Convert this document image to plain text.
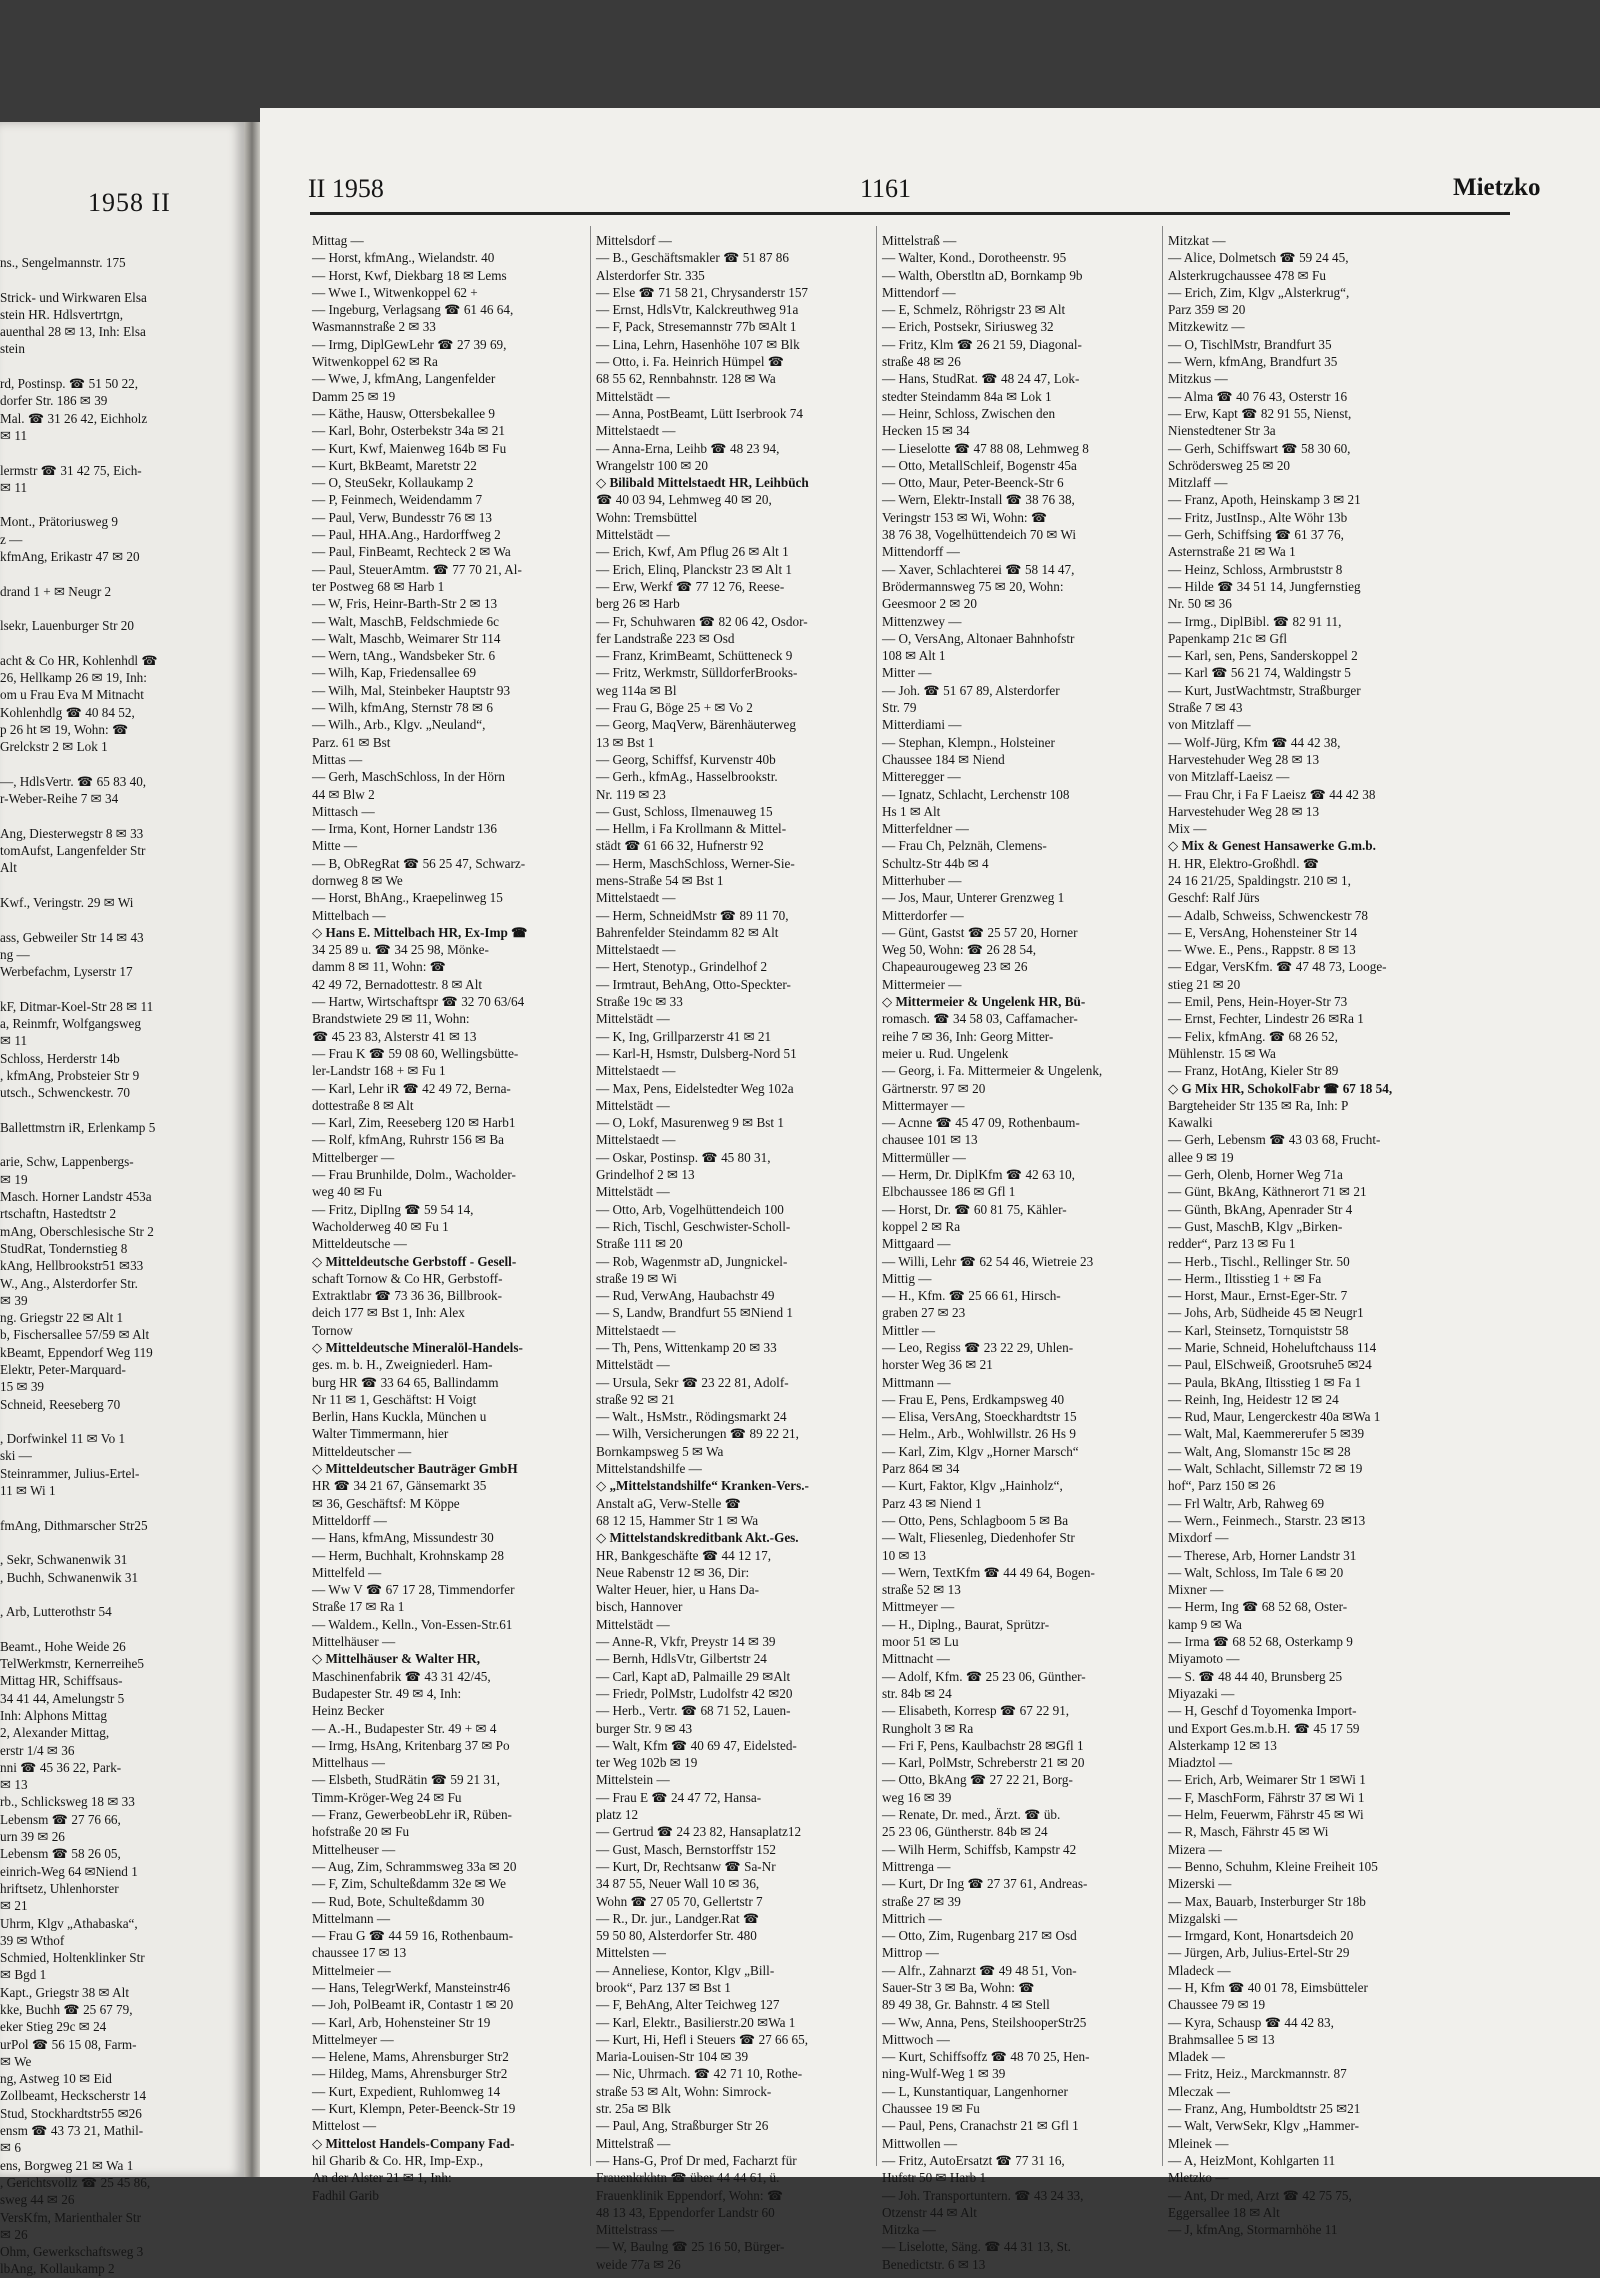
1958 II
ns., Sengelmannstr. 175

Strick- und Wirkwaren Elsa
stein HR. Hdlsvertrtgn,
auenthal 28 ✉ 13, Inh: Elsa
stein

rd, Postinsp. ☎ 51 50 22,
dorfer Str. 186 ✉ 39
Mal. ☎ 31 26 42, Eichholz
✉ 11

lermstr ☎ 31 42 75, Eich-
✉ 11

Mont., Prätoriusweg 9
z —
kfmAng, Erikastr 47 ✉ 20

drand 1 + ✉ Neugr 2

lsekr, Lauenburger Str 20

acht & Co HR, Kohlenhdl ☎
26, Hellkamp 26 ✉ 19, Inh:
om u Frau Eva M Mitnacht
Kohlenhdlg ☎ 40 84 52,
p 26 ht ✉ 19, Wohn: ☎
Grelckstr 2 ✉ Lok 1

—, HdlsVertr. ☎ 65 83 40,
r-Weber-Reihe 7 ✉ 34

Ang, Diesterwegstr 8 ✉ 33
tomAufst, Langenfelder Str
Alt

Kwf., Veringstr. 29 ✉ Wi

ass, Gebweiler Str 14 ✉ 43
ng —
Werbefachm, Lyserstr 17

kF, Ditmar-Koel-Str 28 ✉ 11
a, Reinmfr, Wolfgangsweg
✉ 11
Schloss, Herderstr 14b
, kfmAng, Probsteier Str 9
utsch., Schwenckestr. 70

Ballettmstrn iR, Erlenkamp 5

arie, Schw, Lappenbergs-
✉ 19
Masch. Horner Landstr 453a
rtschaftn, Hastedtstr 2
mAng, Oberschlesische Str 2
StudRat, Tondernstieg 8
kAng, Hellbrookstr51 ✉33
W., Ang., Alsterdorfer Str.
✉ 39
ng. Griegstr 22 ✉ Alt 1
b, Fischersallee 57/59 ✉ Alt
kBeamt, Eppendorf Weg 119
Elektr, Peter-Marquard-
15 ✉ 39
Schneid, Reeseberg 70

, Dorfwinkel 11 ✉ Vo 1
ski —
Steinrammer, Julius-Ertel-
11 ✉ Wi 1

fmAng, Dithmarscher Str25

, Sekr, Schwanenwik 31
, Buchh, Schwanenwik 31

, Arb, Lutterothstr 54

Beamt., Hohe Weide 26
TelWerkmstr, Kernerreihe5
Mittag HR, Schiffsaus-
34 41 44, Amelungstr 5
Inh: Alphons Mittag
2, Alexander Mittag,
erstr 1/4 ✉ 36
nni ☎ 45 36 22, Park-
✉ 13
rb., Schlicksweg 18 ✉ 33
Lebensm ☎ 27 76 66,
urn 39 ✉ 26
Lebensm ☎ 58 26 05,
einrich-Weg 64 ✉Niend 1
hriftsetz, Uhlenhorster
✉ 21
Uhrm, Klgv „Athabaska“,
39 ✉ Wthof
Schmied, Holtenklinker Str
✉ Bgd 1
Kapt., Griegstr 38 ✉ Alt
kke, Buchh ☎ 25 67 79,
eker Stieg 29c ✉ 24
urPol ☎ 56 15 08, Farm-
✉ We
ng, Astweg 10 ✉ Eid
Zollbeamt, Heckscherstr 14
Stud, Stockhardtstr55 ✉26
ensm ☎ 43 73 21, Mathil-
✉ 6
ens, Borgweg 21 ✉ Wa 1
, Gerichtsvollz ☎ 25 45 86,
sweg 44 ✉ 26
VersKfm, Marienthaler Str
✉ 26
Ohm, Gewerkschaftsweg 3
lbAng, Kollaukamp 2
II 1958	1161	Mietzko
Mittag —
— Horst, kfmAng., Wielandstr. 40
— Horst, Kwf, Diekbarg 18 ✉ Lems
— Wwe I., Witwenkoppel 62 +
— Ingeburg, Verlagsang ☎ 61 46 64,
Wasmannstraße 2 ✉ 33
— Irmg, DiplGewLehr ☎ 27 39 69,
Witwenkoppel 62 ✉ Ra
— Wwe, J, kfmAng, Langenfelder
Damm 25 ✉ 19
— Käthe, Hausw, Ottersbekallee 9
— Karl, Bohr, Osterbekstr 34a ✉ 21
— Kurt, Kwf, Maienweg 164b ✉ Fu
— Kurt, BkBeamt, Maretstr 22
— O, SteuSekr, Kollaukamp 2
— P, Feinmech, Weidendamm 7
— Paul, Verw, Bundesstr 76 ✉ 13
— Paul, HHA.Ang., Hardorffweg 2
— Paul, FinBeamt, Rechteck 2 ✉ Wa
— Paul, SteuerAmtm. ☎ 77 70 21, Al-
ter Postweg 68 ✉ Harb 1
— W, Fris, Heinr-Barth-Str 2 ✉ 13
— Walt, MaschB, Feldschmiede 6c
— Walt, Maschb, Weimarer Str 114
— Wern, tAng., Wandsbeker Str. 6
— Wilh, Kap, Friedensallee 69
— Wilh, Mal, Steinbeker Hauptstr 93
— Wilh, kfmAng, Sternstr 78 ✉ 6
— Wilh., Arb., Klgv. „Neuland“,
Parz. 61 ✉ Bst
Mittas —
— Gerh, MaschSchloss, In der Hörn
44 ✉ Blw 2
Mittasch —
— Irma, Kont, Horner Landstr 136
Mitte —
— B, ObRegRat ☎ 56 25 47, Schwarz-
dornweg 8 ✉ We
— Horst, BhAng., Kraepelinweg 15
Mittelbach —
◇ Hans E. Mittelbach HR, Ex-Imp ☎
34 25 89 u. ☎ 34 25 98, Mönke-
damm 8 ✉ 11, Wohn: ☎
42 49 72, Bernadottestr. 8 ✉ Alt
— Hartw, Wirtschaftspr ☎ 32 70 63/64
Brandstwiete 29 ✉ 11, Wohn:
☎ 45 23 83, Alsterstr 41 ✉ 13
— Frau K ☎ 59 08 60, Wellingsbütte-
ler-Landstr 168 + ✉ Fu 1
— Karl, Lehr iR ☎ 42 49 72, Berna-
dottestraße 8 ✉ Alt
— Karl, Zim, Reeseberg 120 ✉ Harb1
— Rolf, kfmAng, Ruhrstr 156 ✉ Ba
Mittelberger —
— Frau Brunhilde, Dolm., Wacholder-
weg 40 ✉ Fu
— Fritz, DiplIng ☎ 59 54 14,
Wacholderweg 40 ✉ Fu 1
Mitteldeutsche —
◇ Mitteldeutsche Gerbstoff - Gesell-
schaft Tornow & Co HR, Gerbstoff-
Extraktlabr ☎ 73 36 36, Billbrook-
deich 177 ✉ Bst 1, Inh: Alex
Tornow
◇ Mitteldeutsche Mineralöl-Handels-
ges. m. b. H., Zweigniederl. Ham-
burg HR ☎ 33 64 65, Ballindamm
Nr 11 ✉ 1, Geschäftst: H Voigt
Berlin, Hans Kuckla, München u
Walter Timmermann, hier
Mitteldeutscher —
◇ Mitteldeutscher Bauträger GmbH
HR ☎ 34 21 67, Gänsemarkt 35
✉ 36, Geschäftsf: M Köppe
Mitteldorff —
— Hans, kfmAng, Missundestr 30
— Herm, Buchhalt, Krohnskamp 28
Mittelfeld —
— Ww V ☎ 67 17 28, Timmendorfer
Straße 17 ✉ Ra 1
— Waldem., Kelln., Von-Essen-Str.61
Mittelhäuser —
◇ Mittelhäuser & Walter HR,
Maschinenfabrik ☎ 43 31 42/45,
Budapester Str. 49 ✉ 4, Inh:
Heinz Becker
— A.-H., Budapester Str. 49 + ✉ 4
— Irmg, HsAng, Kritenbarg 37 ✉ Po
Mittelhaus —
— Elsbeth, StudRätin ☎ 59 21 31,
Timm-Kröger-Weg 24 ✉ Fu
— Franz, GewerbeobLehr iR, Rüben-
hofstraße 20 ✉ Fu
Mittelheuser —
— Aug, Zim, Schrammsweg 33a ✉ 20
— F, Zim, Schulteßdamm 32e ✉ We
— Rud, Bote, Schulteßdamm 30
Mittelmann —
— Frau G ☎ 44 59 16, Rothenbaum-
chaussee 17 ✉ 13
Mittelmeier —
— Hans, TelegrWerkf, Mansteinstr46
— Joh, PolBeamt iR, Contastr 1 ✉ 20
— Karl, Arb, Hohensteiner Str 19
Mittelmeyer —
— Helene, Mams, Ahrensburger Str2
— Hildeg, Mams, Ahrensburger Str2
— Kurt, Expedient, Ruhlomweg 14
— Kurt, Klempn, Peter-Beenck-Str 19
Mittelost —
◇ Mittelost Handels-Company Fad-
hil Gharib & Co. HR, Imp-Exp.,
An der Alster 21 ✉ 1, Inh:
Fadhil Garib
Mittelsdorf —
— B., Geschäftsmakler ☎ 51 87 86
Alsterdorfer Str. 335
— Else ☎ 71 58 21, Chrysanderstr 157
— Ernst, HdlsVtr, Kalckreuthweg 91a
— F, Pack, Stresemannstr 77b ✉Alt 1
— Lina, Lehrn, Hasenhöhe 107 ✉ Blk
— Otto, i. Fa. Heinrich Hümpel ☎
68 55 62, Rennbahnstr. 128 ✉ Wa
Mittelstädt —
— Anna, PostBeamt, Lütt Iserbrook 74
Mittelstaedt —
— Anna-Erna, Leihb ☎ 48 23 94,
Wrangelstr 100 ✉ 20
◇ Bilibald Mittelstaedt HR, Leihbüch
☎ 40 03 94, Lehmweg 40 ✉ 20,
Wohn: Tremsbüttel
Mittelstädt —
— Erich, Kwf, Am Pflug 26 ✉ Alt 1
— Erich, Elinq, Planckstr 23 ✉ Alt 1
— Erw, Werkf ☎ 77 12 76, Reese-
berg 26 ✉ Harb
— Fr, Schuhwaren ☎ 82 06 42, Osdor-
fer Landstraße 223 ✉ Osd
— Franz, KrimBeamt, Schütteneck 9
— Fritz, Werkmstr, SülldorferBrooks-
weg 114a ✉ Bl
— Frau G, Böge 25 + ✉ Vo 2
— Georg, MaqVerw, Bärenhäuterweg
13 ✉ Bst 1
— Georg, Schiffsf, Kurvenstr 40b
— Gerh., kfmAg., Hasselbrookstr.
Nr. 119 ✉ 23
— Gust, Schloss, Ilmenauweg 15
— Hellm, i Fa Krollmann & Mittel-
städt ☎ 61 66 32, Hufnerstr 92
— Herm, MaschSchloss, Werner-Sie-
mens-Straße 54 ✉ Bst 1
Mittelstaedt —
— Herm, SchneidMstr ☎ 89 11 70,
Bahrenfelder Steindamm 82 ✉ Alt
Mittelstaedt —
— Hert, Stenotyp., Grindelhof 2
— Irmtraut, BehAng, Otto-Speckter-
Straße 19c ✉ 33
Mittelstädt —
— K, Ing, Grillparzerstr 41 ✉ 21
— Karl-H, Hsmstr, Dulsberg-Nord 51
Mittelstaedt —
— Max, Pens, Eidelstedter Weg 102a
Mittelstädt —
— O, Lokf, Masurenweg 9 ✉ Bst 1
Mittelstaedt —
— Oskar, Postinsp. ☎ 45 80 31,
Grindelhof 2 ✉ 13
Mittelstädt —
— Otto, Arb, Vogelhüttendeich 100
— Rich, Tischl, Geschwister-Scholl-
Straße 111 ✉ 20
— Rob, Wagenmstr aD, Jungnickel-
straße 19 ✉ Wi
— Rud, VerwAng, Haubachstr 49
— S, Landw, Brandfurt 55 ✉Niend 1
Mittelstaedt —
— Th, Pens, Wittenkamp 20 ✉ 33
Mittelstädt —
— Ursula, Sekr ☎ 23 22 81, Adolf-
straße 92 ✉ 21
— Walt., HsMstr., Rödingsmarkt 24
— Wilh, Versicherungen ☎ 89 22 21,
Bornkampsweg 5 ✉ Wa
Mittelstandshilfe —
◇ „Mittelstandshilfe“ Kranken-Vers.-
Anstalt aG, Verw-Stelle ☎
68 12 15, Hammer Str 1 ✉ Wa
◇ Mittelstandskreditbank Akt.-Ges.
HR, Bankgeschäfte ☎ 44 12 17,
Neue Rabenstr 12 ✉ 36, Dir:
Walter Heuer, hier, u Hans Da-
bisch, Hannover
Mittelstädt —
— Anne-R, Vkfr, Preystr 14 ✉ 39
— Bernh, HdlsVtr, Gilbertstr 24
— Carl, Kapt aD, Palmaille 29 ✉Alt
— Friedr, PolMstr, Ludolfstr 42 ✉20
— Herb., Vertr. ☎ 68 71 52, Lauen-
burger Str. 9 ✉ 43
— Walt, Kfm ☎ 40 69 47, Eidelsted-
ter Weg 102b ✉ 19
Mittelstein —
— Frau E ☎ 24 47 72, Hansa-
platz 12
— Gertrud ☎ 24 23 82, Hansaplatz12
— Gust, Masch, Bernstorffstr 152
— Kurt, Dr, Rechtsanw ☎ Sa-Nr
34 87 55, Neuer Wall 10 ✉ 36,
Wohn ☎ 27 05 70, Gellertstr 7
— R., Dr. jur., Landger.Rat ☎
59 50 80, Alsterdorfer Str. 480
Mittelsten —
— Anneliese, Kontor, Klgv „Bill-
brook“, Parz 137 ✉ Bst 1
— F, BehAng, Alter Teichweg 127
— Karl, Elektr., Basilierstr.20 ✉Wa 1
— Kurt, Hi, Hefl i Steuers ☎ 27 66 65,
Maria-Louisen-Str 104 ✉ 39
— Nic, Uhrmach. ☎ 42 71 10, Rothe-
straße 53 ✉ Alt, Wohn: Simrock-
str. 25a ✉ Blk
— Paul, Ang, Straßburger Str 26
Mittelstraß —
— Hans-G, Prof Dr med, Facharzt für
Frauenkrkhtn ☎ über 44 44 61, ü.
Frauenklinik Eppendorf, Wohn: ☎
48 13 43, Eppendorfer Landstr 60
Mittelstrass —
— W, Baulng ☎ 25 16 50, Bürger-
weide 77a ✉ 26
Mittelstraß —
— Walter, Kond., Dorotheenstr. 95
— Walth, Oberstltn aD, Bornkamp 9b
Mittendorf —
— E, Schmelz, Röhrigstr 23 ✉ Alt
— Erich, Postsekr, Siriusweg 32
— Fritz, Klm ☎ 26 21 59, Diagonal-
straße 48 ✉ 26
— Hans, StudRat. ☎ 48 24 47, Lok-
stedter Steindamm 84a ✉ Lok 1
— Heinr, Schloss, Zwischen den
Hecken 15 ✉ 34
— Lieselotte ☎ 47 88 08, Lehmweg 8
— Otto, MetallSchleif, Bogenstr 45a
— Otto, Maur, Peter-Beenck-Str 6
— Wern, Elektr-Install ☎ 38 76 38,
Veringstr 153 ✉ Wi, Wohn: ☎
38 76 38, Vogelhüttendeich 70 ✉ Wi
Mittendorff —
— Xaver, Schlachterei ☎ 58 14 47,
Brödermannsweg 75 ✉ 20, Wohn:
Geesmoor 2 ✉ 20
Mittenzwey —
— O, VersAng, Altonaer Bahnhofstr
108 ✉ Alt 1
Mitter —
— Joh. ☎ 51 67 89, Alsterdorfer
Str. 79
Mitterdiami —
— Stephan, Klempn., Holsteiner
Chaussee 184 ✉ Niend
Mitteregger —
— Ignatz, Schlacht, Lerchenstr 108
Hs 1 ✉ Alt
Mitterfeldner —
— Frau Ch, Pelznäh, Clemens-
Schultz-Str 44b ✉ 4
Mitterhuber —
— Jos, Maur, Unterer Grenzweg 1
Mitterdorfer —
— Günt, Gastst ☎ 25 57 20, Horner
Weg 50, Wohn: ☎ 26 28 54,
Chapeaurougeweg 23 ✉ 26
Mittermeier —
◇ Mittermeier & Ungelenk HR, Bü-
romasch. ☎ 34 58 03, Caffamacher-
reihe 7 ✉ 36, Inh: Georg Mitter-
meier u. Rud. Ungelenk
— Georg, i. Fa. Mittermeier & Ungelenk,
Gärtnerstr. 97 ✉ 20
Mittermayer —
— Acnne ☎ 45 47 09, Rothenbaum-
chausee 101 ✉ 13
Mittermüller —
— Herm, Dr. DiplKfm ☎ 42 63 10,
Elbchaussee 186 ✉ Gfl 1
— Horst, Dr. ☎ 60 81 75, Kähler-
koppel 2 ✉ Ra
Mittgaard —
— Willi, Lehr ☎ 62 54 46, Wietreie 23
Mittig —
— H., Kfm. ☎ 25 66 61, Hirsch-
graben 27 ✉ 23
Mittler —
— Leo, Regiss ☎ 23 22 29, Uhlen-
horster Weg 36 ✉ 21
Mittmann —
— Frau E, Pens, Erdkampsweg 40
— Elisa, VersAng, Stoeckhardtstr 15
— Helm., Arb., Wohlwillstr. 26 Hs 9
— Karl, Zim, Klgv „Horner Marsch“
Parz 864 ✉ 34
— Kurt, Faktor, Klgv „Hainholz“,
Parz 43 ✉ Niend 1
— Otto, Pens, Schlagboom 5 ✉ Ba
— Walt, Fliesenleg, Diedenhofer Str
10 ✉ 13
— Wern, TextKfm ☎ 44 49 64, Bogen-
straße 52 ✉ 13
Mittmeyer —
— H., Diplng., Baurat, Sprützr-
moor 51 ✉ Lu
Mittnacht —
— Adolf, Kfm. ☎ 25 23 06, Günther-
str. 84b ✉ 24
— Elisabeth, Korresp ☎ 67 22 91,
Rungholt 3 ✉ Ra
— Fri F, Pens, Kaulbachstr 28 ✉Gfl 1
— Karl, PolMstr, Schreberstr 21 ✉ 20
— Otto, BkAng ☎ 27 22 21, Borg-
weg 16 ✉ 39
— Renate, Dr. med., Ärzt. ☎ üb.
25 23 06, Güntherstr. 84b ✉ 24
— Wilh Herm, Schiffsb, Kampstr 42
Mittrenga —
— Kurt, Dr Ing ☎ 27 37 61, Andreas-
straße 27 ✉ 39
Mittrich —
— Otto, Zim, Rugenbarg 217 ✉ Osd
Mittrop —
— Alfr., Zahnarzt ☎ 49 48 51, Von-
Sauer-Str 3 ✉ Ba, Wohn: ☎
89 49 38, Gr. Bahnstr. 4 ✉ Stell
— Ww, Anna, Pens, SteilshooperStr25
Mittwoch —
— Kurt, Schiffsoffz ☎ 48 70 25, Hen-
ning-Wulf-Weg 1 ✉ 39
— L, Kunstantiquar, Langenhorner
Chaussee 19 ✉ Fu
— Paul, Pens, Cranachstr 21 ✉ Gfl 1
Mittwollen —
— Fritz, AutoErsatzt ☎ 77 31 16,
Hufstr 50 ✉ Harb 1
— Joh. Transportuntern. ☎ 43 24 33,
Otzenstr 44 ✉ Alt
Mitzka —
— Liselotte, Säng. ☎ 44 31 13, St.
Benedictstr. 6 ✉ 13
Mitzkat —
— Alice, Dolmetsch ☎ 59 24 45,
Alsterkrugchaussee 478 ✉ Fu
— Erich, Zim, Klgv „Alsterkrug“,
Parz 359 ✉ 20
Mitzkewitz —
— O, TischlMstr, Brandfurt 35
— Wern, kfmAng, Brandfurt 35
Mitzkus —
— Alma ☎ 40 76 43, Osterstr 16
— Erw, Kapt ☎ 82 91 55, Nienst,
Nienstedtener Str 3a
— Gerh, Schiffswart ☎ 58 30 60,
Schrödersweg 25 ✉ 20
Mitzlaff —
— Franz, Apoth, Heinskamp 3 ✉ 21
— Fritz, JustInsp., Alte Wöhr 13b
— Gerh, Schiffsing ☎ 61 37 76,
Asternstraße 21 ✉ Wa 1
— Heinz, Schloss, Armbruststr 8
— Hilde ☎ 34 51 14, Jungfernstieg
Nr. 50 ✉ 36
— Irmg., DiplBibl. ☎ 82 91 11,
Papenkamp 21c ✉ Gfl
— Karl, sen, Pens, Sanderskoppel 2
— Karl ☎ 56 21 74, Waldingstr 5
— Kurt, JustWachtmstr, Straßburger
Straße 7 ✉ 43
von Mitzlaff —
— Wolf-Jürg, Kfm ☎ 44 42 38,
Harvestehuder Weg 28 ✉ 13
von Mitzlaff-Laeisz —
— Frau Chr, i Fa F Laeisz ☎ 44 42 38
Harvestehuder Weg 28 ✉ 13
Mix —
◇ Mix & Genest Hansawerke G.m.b.
H. HR, Elektro-Großhdl. ☎
24 16 21/25, Spaldingstr. 210 ✉ 1,
Geschf: Ralf Jürs
— Adalb, Schweiss, Schwenckestr 78
— E, VersAng, Hohensteiner Str 14
— Wwe. E., Pens., Rappstr. 8 ✉ 13
— Edgar, VersKfm. ☎ 47 48 73, Looge-
stieg 21 ✉ 20
— Emil, Pens, Hein-Hoyer-Str 73
— Ernst, Fechter, Lindestr 26 ✉Ra 1
— Felix, kfmAng. ☎ 68 26 52,
Mühlenstr. 15 ✉ Wa
— Franz, HotAng, Kieler Str 89
◇ G Mix HR, SchokolFabr ☎ 67 18 54,
Bargteheider Str 135 ✉ Ra, Inh: P
Kawalki
— Gerh, Lebensm ☎ 43 03 68, Frucht-
allee 9 ✉ 19
— Gerh, Olenb, Horner Weg 71a
— Günt, BkAng, Käthnerort 71 ✉ 21
— Günth, BkAng, Apenrader Str 4
— Gust, MaschB, Klgv „Birken-
redder“, Parz 13 ✉ Fu 1
— Herb., Tischl., Rellinger Str. 50
— Herm., Iltisstieg 1 + ✉ Fa
— Horst, Maur., Ernst-Eger-Str. 7
— Johs, Arb, Südheide 45 ✉ Neugr1
— Karl, Steinsetz, Tornquiststr 58
— Marie, Schneid, Hoheluftchauss 114
— Paul, ElSchweiß, Grootsruhe5 ✉24
— Paula, BkAng, Iltisstieg 1 ✉ Fa 1
— Reinh, Ing, Heidestr 12 ✉ 24
— Rud, Maur, Lengerckestr 40a ✉Wa 1
— Walt, Mal, Kaemmererufer 5 ✉39
— Walt, Ang, Slomanstr 15c ✉ 28
— Walt, Schlacht, Sillemstr 72 ✉ 19
hof“, Parz 150 ✉ 26
— Frl Waltr, Arb, Rahweg 69
— Wern., Feinmech., Starstr. 23 ✉13
Mixdorf —
— Therese, Arb, Horner Landstr 31
— Walt, Schloss, Im Tale 6 ✉ 20
Mixner —
— Herm, Ing ☎ 68 52 68, Oster-
kamp 9 ✉ Wa
— Irma ☎ 68 52 68, Osterkamp 9
Miyamoto —
— S. ☎ 48 44 40, Brunsberg 25
Miyazaki —
— H, Geschf d Toyomenka Import-
und Export Ges.m.b.H. ☎ 45 17 59
Alsterkamp 12 ✉ 13
Miadztol —
— Erich, Arb, Weimarer Str 1 ✉Wi 1
— F, MaschForm, Fährstr 37 ✉ Wi 1
— Helm, Feuerwm, Fährstr 45 ✉ Wi
— R, Masch, Fährstr 45 ✉ Wi
Mizera —
— Benno, Schuhm, Kleine Freiheit 105
Mizerski —
— Max, Bauarb, Insterburger Str 18b
Mizgalski —
— Irmgard, Kont, Honartsdeich 20
— Jürgen, Arb, Julius-Ertel-Str 29
Mladeck —
— H, Kfm ☎ 40 01 78, Eimsbütteler
Chaussee 79 ✉ 19
— Kyra, Schausp ☎ 44 42 83,
Brahmsallee 5 ✉ 13
Mladek —
— Fritz, Heiz., Marckmannstr. 87
Mleczak —
— Franz, Ang, Humboldtstr 25 ✉21
— Walt, VerwSekr, Klgv „Hammer-
Mleinek —
— A, HeizMont, Kohlgarten 11
Mletzko —
— Ant, Dr med, Arzt ☎ 42 75 75,
Eggersallee 18 ✉ Alt
— J, kfmAng, Stormarnhöhe 11
